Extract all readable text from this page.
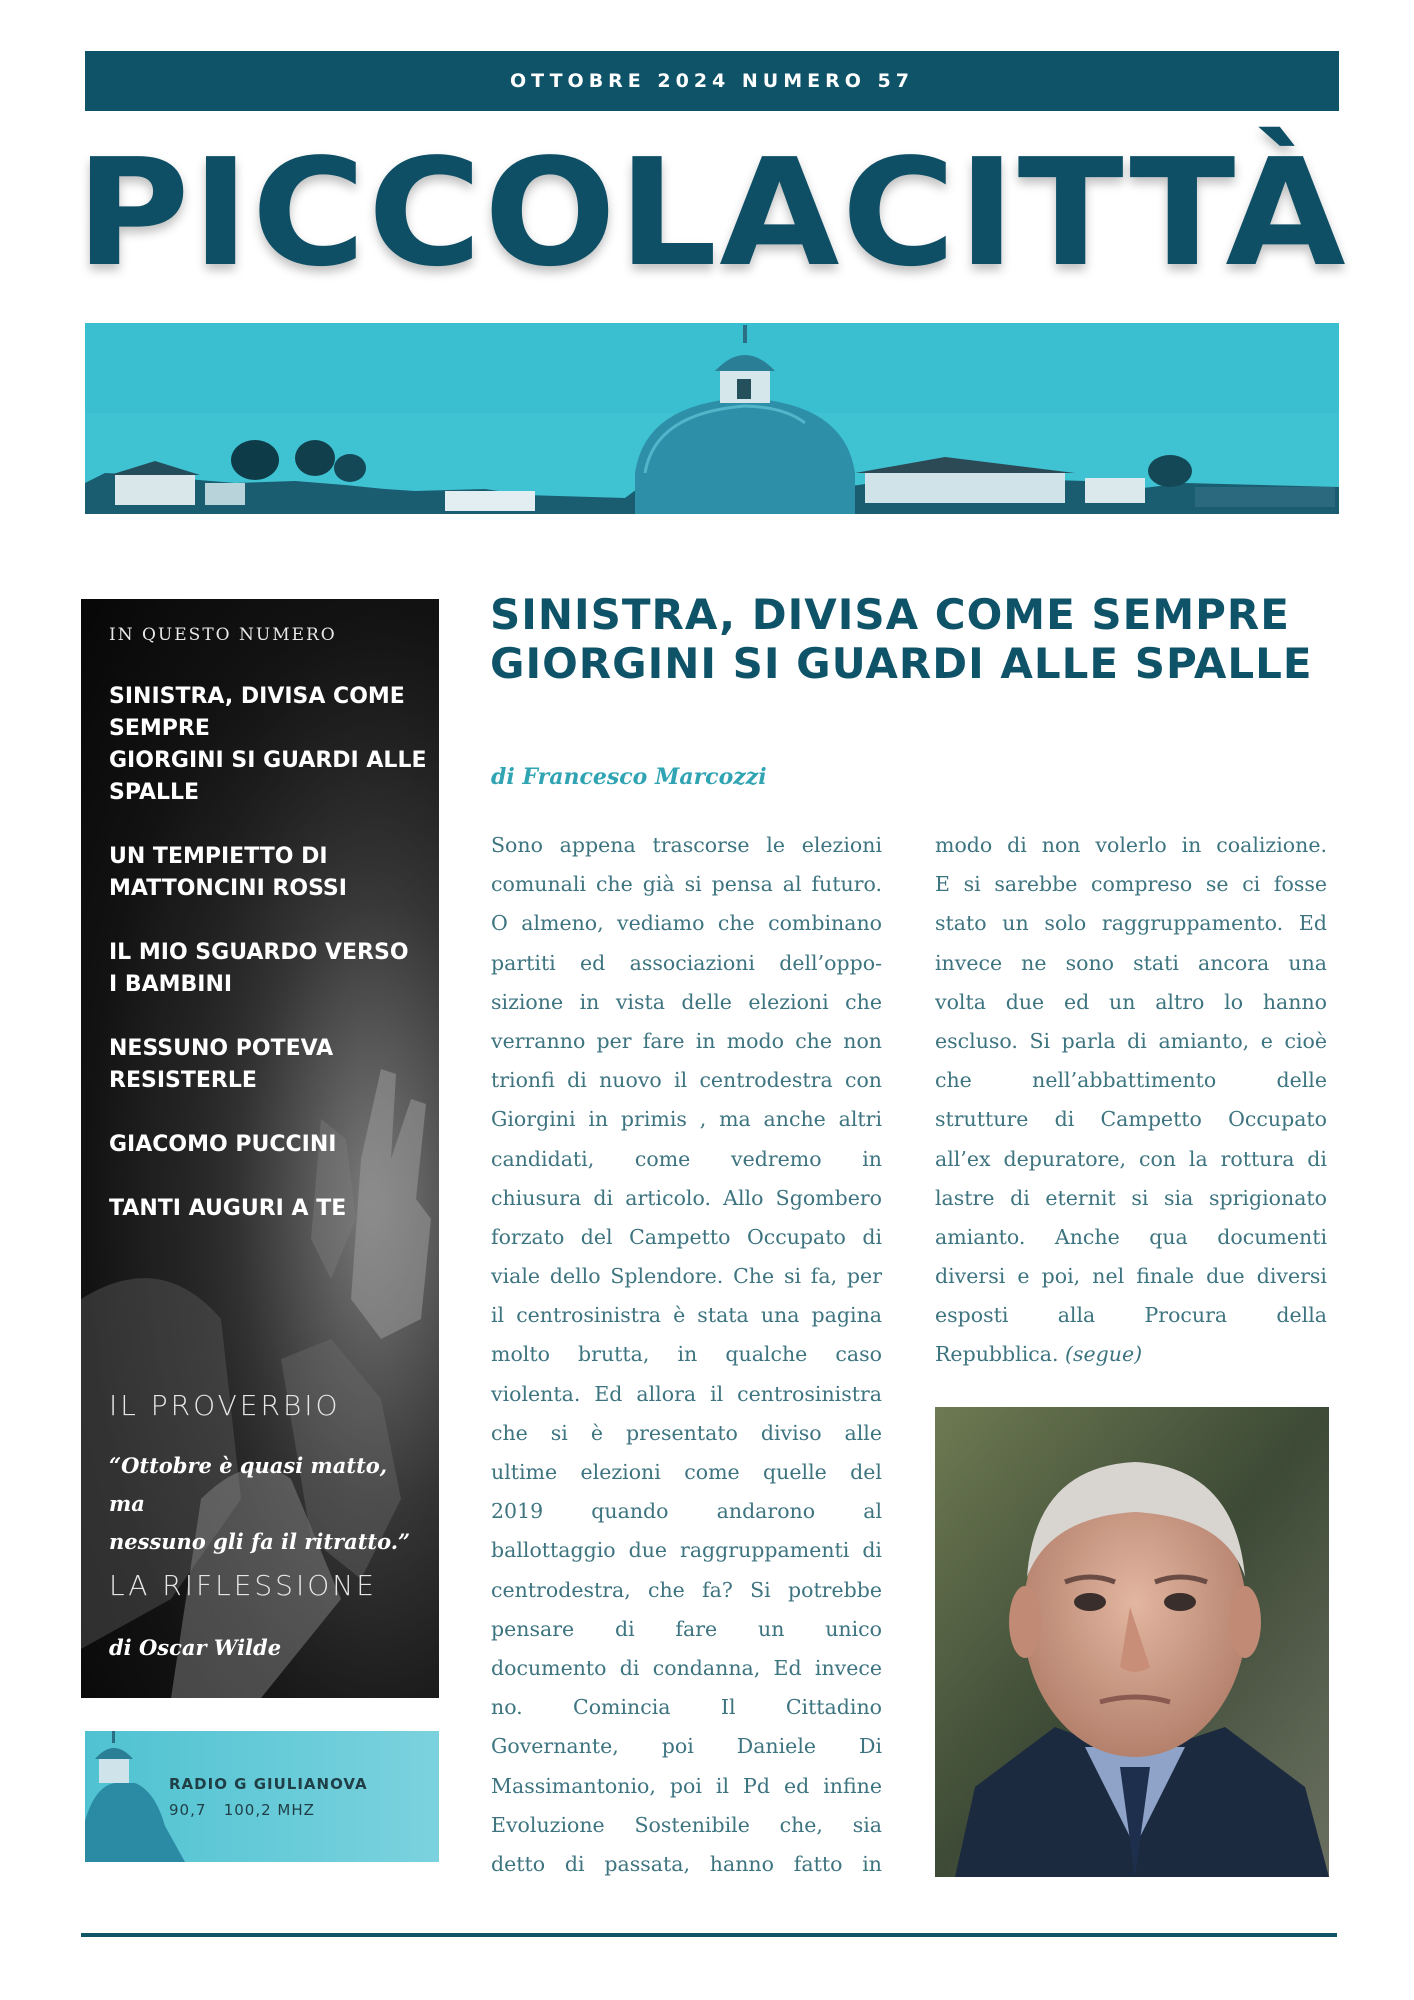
OTTOBRE 2024 NUMERO 57
PICCOLACITTÀ
IN QUESTO NUMERO
SINISTRA, DIVISA COME
SEMPRE
GIORGINI SI GUARDI ALLE
SPALLE
UN TEMPIETTO DI
MATTONCINI ROSSI
IL MIO SGUARDO VERSO
I BAMBINI
NESSUNO POTEVA
RESISTERLE
GIACOMO PUCCINI
TANTI AUGURI A TE
IL PROVERBIO
“Ottobre è quasi matto, ma
nessuno gli fa il ritratto.”
LA RIFLESSIONE
di Oscar Wilde
RADIO G GIULIANOVA
90,7   100,2 MHZ
SINISTRA, DIVISA COME SEMPRE
GIORGINI SI GUARDI ALLE SPALLE
di Francesco Marcozzi
Sono appena trascorse le elezioni
comunali che già si pensa al futuro.
O almeno, vediamo che combinano
partiti ed associazioni dell’oppo-
sizione in vista delle elezioni che
verranno per fare in modo che non
trionfi di nuovo il centrodestra con
Giorgini in primis , ma anche altri
candidati, come vedremo in
chiusura di articolo. Allo Sgombero
forzato del Campetto Occupato di
viale dello Splendore. Che si fa, per
il centrosinistra è stata una pagina
molto brutta, in qualche caso
violenta. Ed allora il centrosinistra
che si è presentato diviso alle
ultime elezioni come quelle del
2019 quando andarono al
ballottaggio due raggruppamenti di
centrodestra, che fa? Si potrebbe
pensare di fare un unico
documento di condanna, Ed invece
no. Comincia Il Cittadino
Governante, poi Daniele Di
Massimantonio, poi il Pd ed infine
Evoluzione Sostenibile che, sia
detto di passata, hanno fatto in
modo di non volerlo in coalizione.
E si sarebbe compreso se ci fosse
stato un solo raggruppamento. Ed
invece ne sono stati ancora una
volta due ed un altro lo hanno
escluso. Si parla di amianto, e cioè
che nell’abbattimento delle
strutture di Campetto Occupato
all’ex depuratore, con la rottura di
lastre di eternit si sia sprigionato
amianto. Anche qua documenti
diversi e poi, nel finale due diversi
esposti alla Procura della
Repubblica. (segue)
